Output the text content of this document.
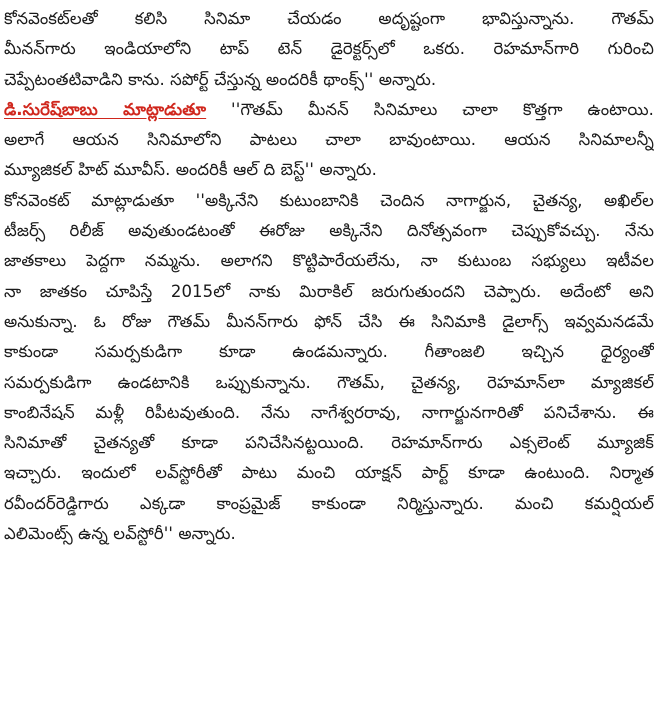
కోనవెంకట్‌లతో కలిసి సినిమా చేయడం అదృష్టంగా భావిస్తున్నాను. గౌతమ్‌
మీనన్‌గారు ఇండియాలోని టాప్‌ టెన్‌ డైరెక్టర్స్‌లో ఒకరు. రెహమాన్‌గారి గురించి
చెప్పేటంతటివాడిని కాను. సపోర్ట్‌ చేస్తున్న అందరికీ థాంక్స్‌'' అన్నారు.
డి.సురేష్‌బాబు మాట్లాడుతూ ''గౌతమ్‌ మీనన్‌ సినిమాలు చాలా కొత్తగా ఉంటాయి.
అలాగే ఆయన సినిమాలోని పాటలు చాలా బావుంటాయి. ఆయన సినిమాలన్నీ
మ్యూజికల్‌ హిట్‌ మూవీస్‌. అందరికీ ఆల్‌ ది బెస్ట్‌'' అన్నారు.
కోనవెంకట్‌ మాట్లాడుతూ ''అక్కినేని కుటుంబానికి చెందిన నాగార్జున, చైతన్య, అఖిల్‌ల
టీజర్స్‌ రిలీజ్‌ అవుతుండటంతో ఈరోజు అక్కినేని దినోత్సవంగా చెప్పుకోవచ్చు. నేను
జాతకాలు పెద్దగా నమ్మను. అలాగని కొట్టిపారేయలేను, నా కుటుంబ సభ్యులు ఇటీవల
నా జాతకం చూపిస్తే 2015లో నాకు మిరాకిల్‌ జరుగుతుందని చెప్పారు. అదేంటో అని
అనుకున్నా. ఓ రోజు గౌతమ్‌ మీనన్‌గారు ఫోన్‌ చేసి ఈ సినిమాకి డైలాగ్స్‌ ఇవ్వమనడమే
కాకుండా సమర్పకుడిగా కూడా ఉండమన్నారు. గీతాంజలి ఇచ్చిన ధైర్యంతో
సమర్పకుడిగా ఉండటానికి ఒప్పుకున్నాను. గౌతమ్‌, చైతన్య, రెహమాన్‌లా మ్యాజికల్‌
కాంబినేషన్‌ మళ్లీ రిపీటవుతుంది. నేను నాగేశ్వరరావు, నాగార్జునగారితో పనిచేశాను. ఈ
సినిమాతో చైతన్యతో కూడా పనిచేసినట్టయింది. రెహమాన్‌గారు ఎక్సలెంట్‌ మ్యూజిక్‌
ఇచ్చారు. ఇందులో లవ్‌స్టోరీతో పాటు మంచి యాక్షన్‌ పార్ట్‌ కూడా ఉంటుంది. నిర్మాత
రవీందర్‌రెడ్డిగారు ఎక్కడా కాంప్రమైజ్‌ కాకుండా నిర్మిస్తున్నారు. మంచి కమర్షియల్‌
ఎలిమెంట్స్‌ ఉన్న లవ్‌స్టోరీ'' అన్నారు.
